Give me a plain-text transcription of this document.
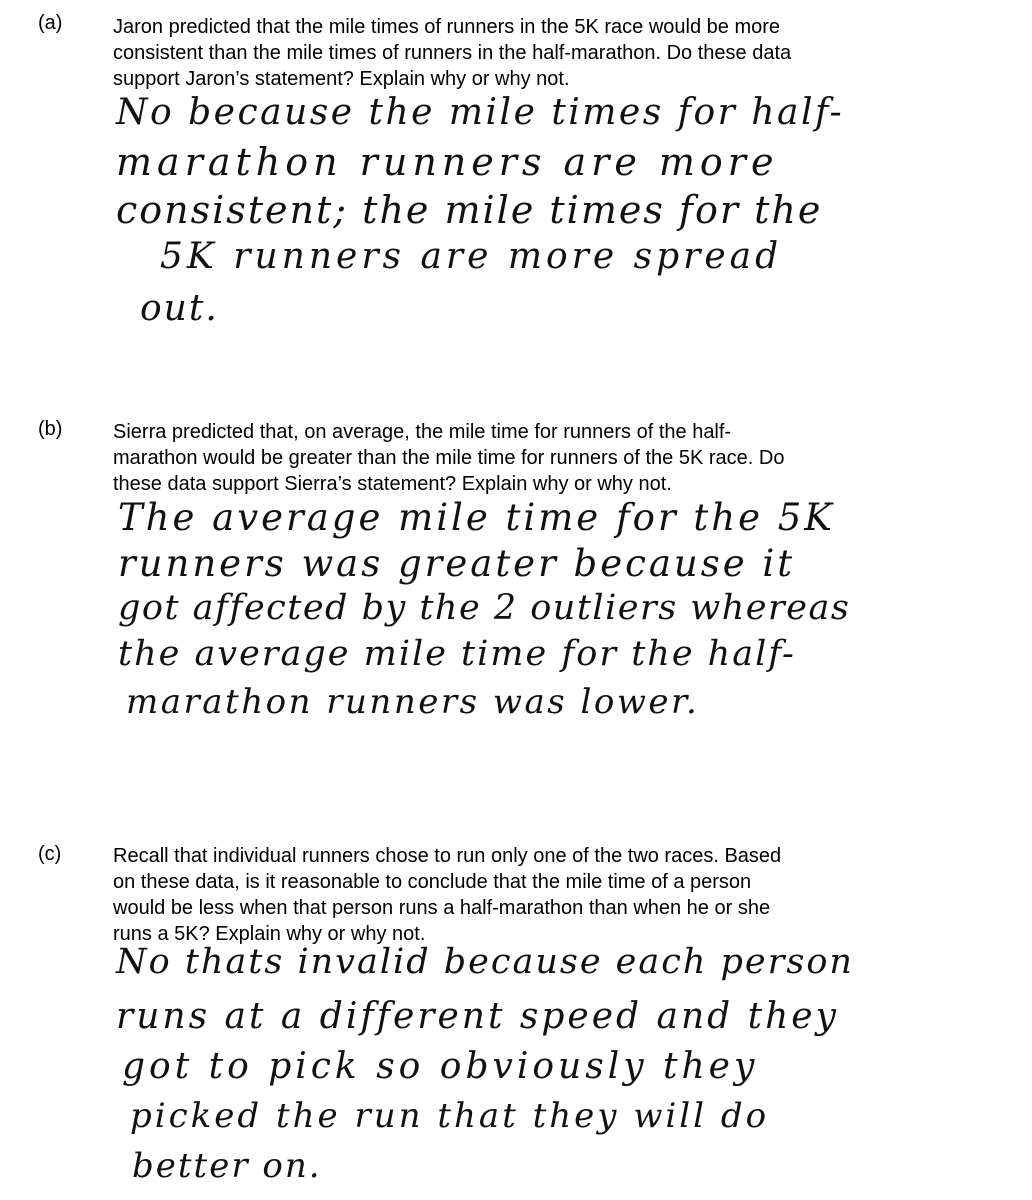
(a)	Jaron predicted that the mile times of runners in the 5K race would be more
consistent than the mile times of runners in the half-marathon. Do these data
support Jaron’s statement? Explain why or why not.
No because the mile times for half-
marathon runners are more
consistent; the mile times for the
5K runners are more spread
out.
(b)	Sierra predicted that, on average, the mile time for runners of the half-
marathon would be greater than the mile time for runners of the 5K race. Do
these data support Sierra’s statement? Explain why or why not.
The average mile time for the 5K
runners was greater because it
got affected by the 2 outliers whereas
the average mile time for the half-
marathon runners was lower.
(c)	Recall that individual runners chose to run only one of the two races. Based
on these data, is it reasonable to conclude that the mile time of a person
would be less when that person runs a half-marathon than when he or she
runs a 5K? Explain why or why not.
No thats invalid because each person
runs at a different speed and they
got to pick so obviously they
picked the run that they will do
better on.
